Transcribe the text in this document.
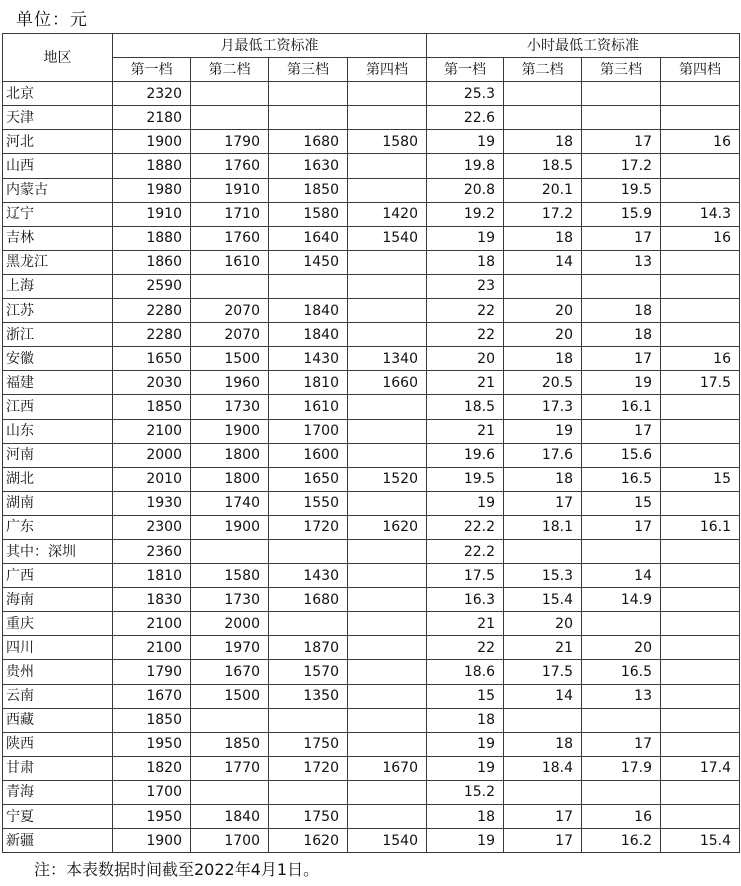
单位：元
地区	月最低工资标准				小时最低工资标准			
	第一档	第二档	第三档	第四档	第一档	第二档	第三档	第四档
北京	2320				25.3			
天津	2180				22.6			
河北	1900	1790	1680	1580	19	18	17	16
山西	1880	1760	1630		19.8	18.5	17.2	
内蒙古	1980	1910	1850		20.8	20.1	19.5	
辽宁	1910	1710	1580	1420	19.2	17.2	15.9	14.3
吉林	1880	1760	1640	1540	19	18	17	16
黑龙江	1860	1610	1450		18	14	13	
上海	2590				23			
江苏	2280	2070	1840		22	20	18	
浙江	2280	2070	1840		22	20	18	
安徽	1650	1500	1430	1340	20	18	17	16
福建	2030	1960	1810	1660	21	20.5	19	17.5
江西	1850	1730	1610		18.5	17.3	16.1	
山东	2100	1900	1700		21	19	17	
河南	2000	1800	1600		19.6	17.6	15.6	
湖北	2010	1800	1650	1520	19.5	18	16.5	15
湖南	1930	1740	1550		19	17	15	
广东	2300	1900	1720	1620	22.2	18.1	17	16.1
其中：深圳	2360				22.2			
广西	1810	1580	1430		17.5	15.3	14	
海南	1830	1730	1680		16.3	15.4	14.9	
重庆	2100	2000			21	20		
四川	2100	1970	1870		22	21	20	
贵州	1790	1670	1570		18.6	17.5	16.5	
云南	1670	1500	1350		15	14	13	
西藏	1850				18			
陕西	1950	1850	1750		19	18	17	
甘肃	1820	1770	1720	1670	19	18.4	17.9	17.4
青海	1700				15.2			
宁夏	1950	1840	1750		18	17	16	
新疆	1900	1700	1620	1540	19	17	16.2	15.4
注：本表数据时间截至2022年4月1日。
